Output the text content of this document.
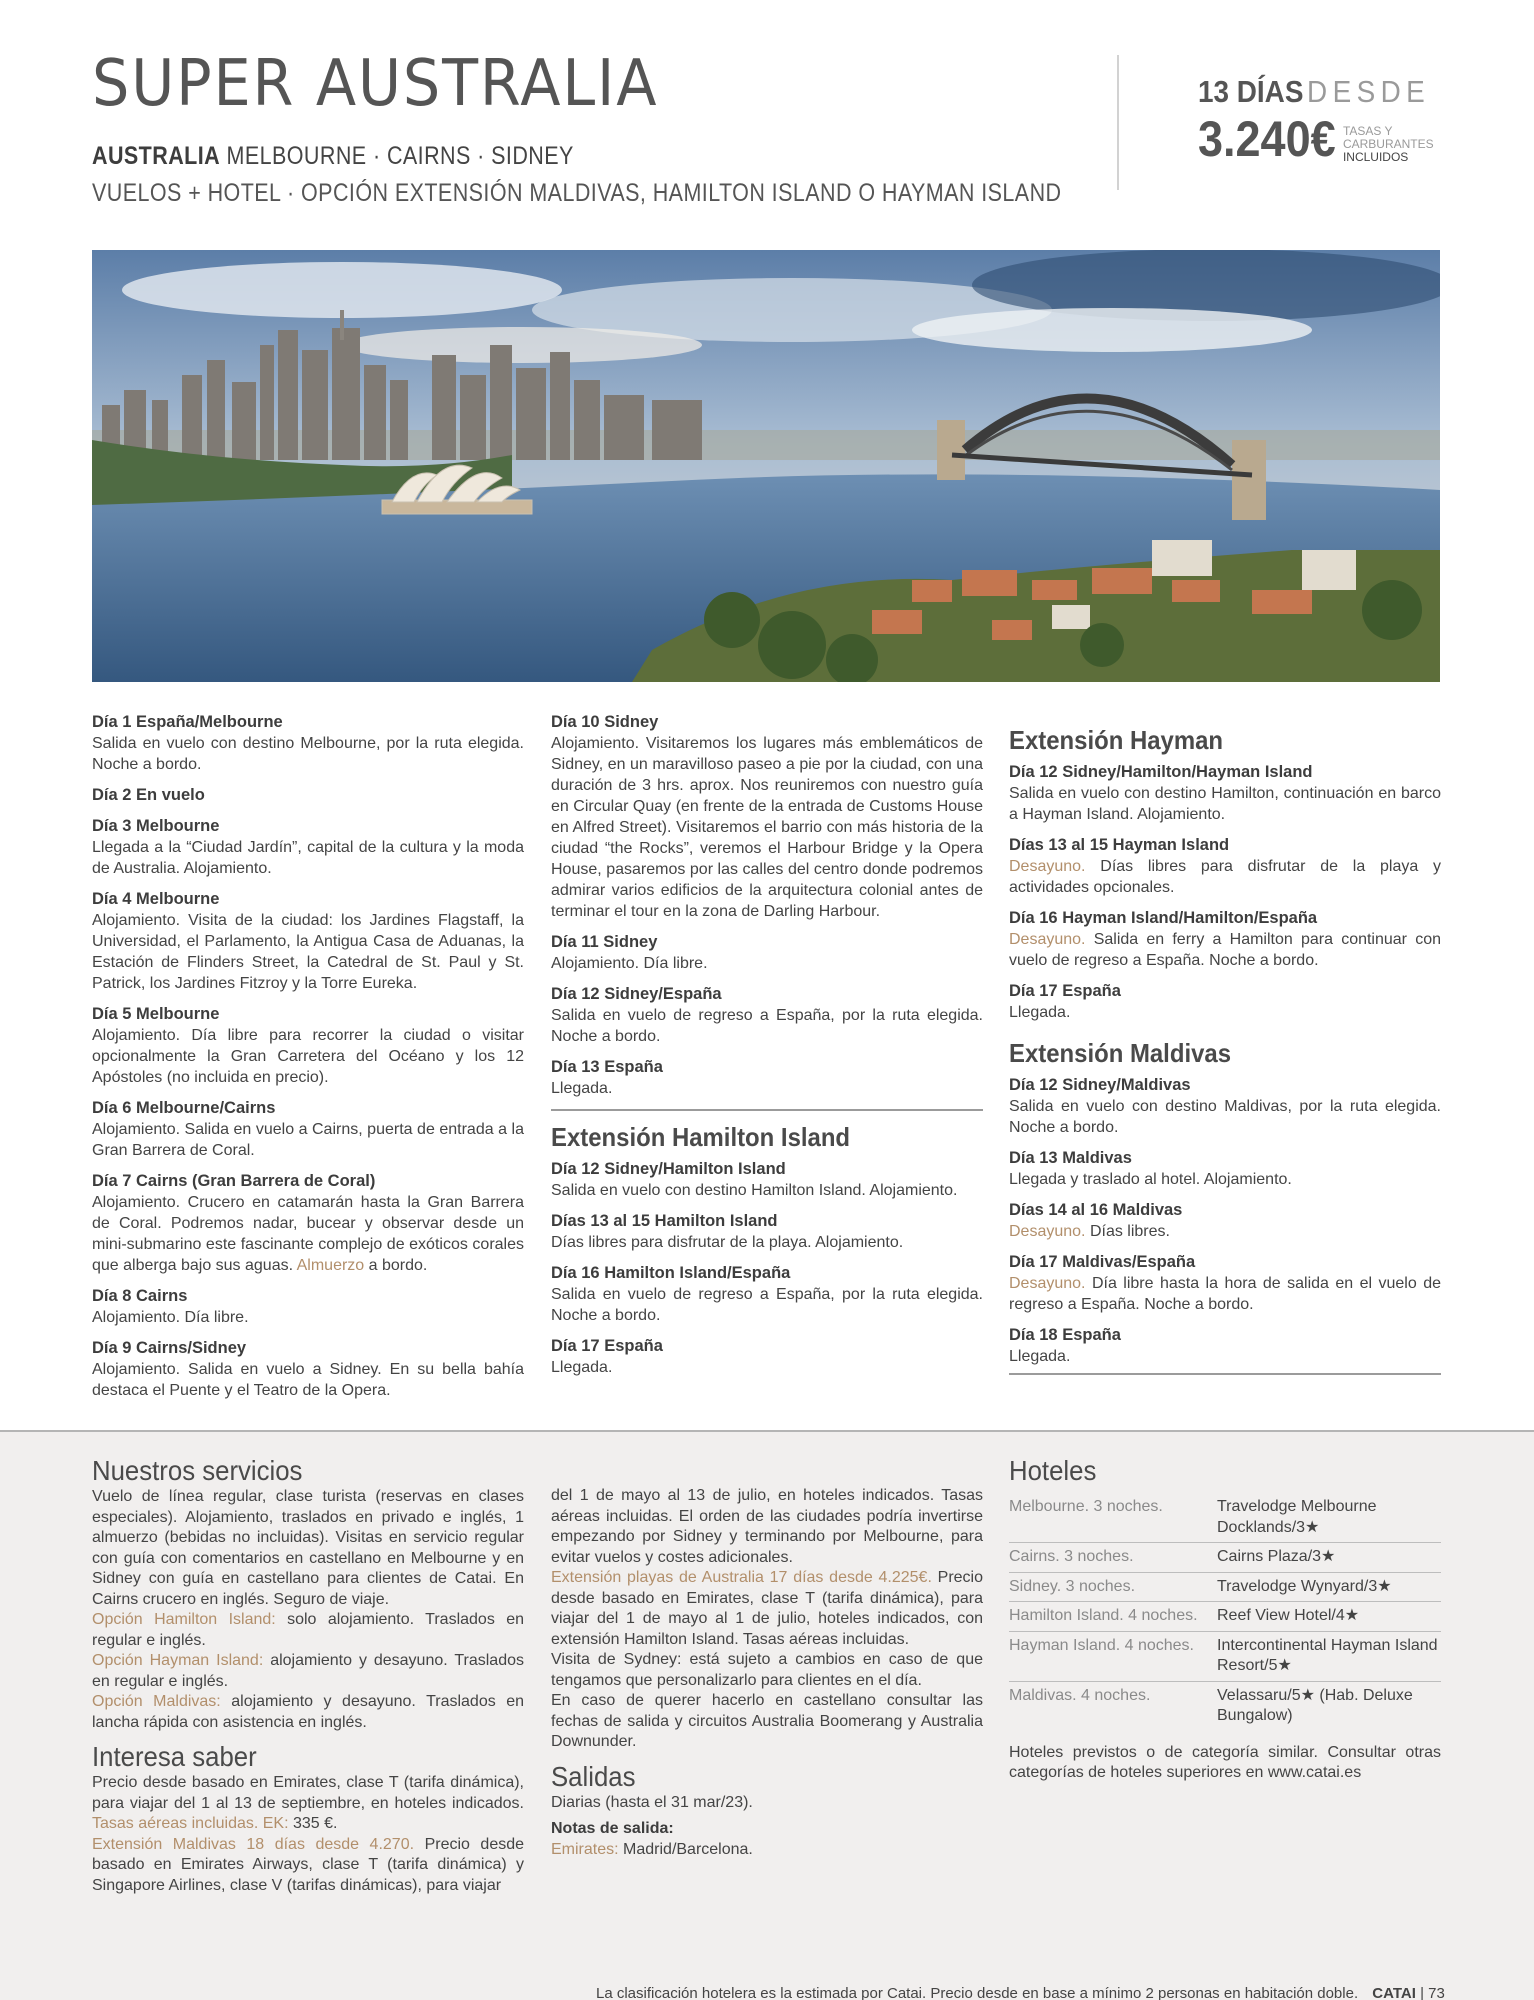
SUPER AUSTRALIA
AUSTRALIA MELBOURNE · CAIRNS · SIDNEY
VUELOS + HOTEL · OPCIÓN EXTENSIÓN MALDIVAS, HAMILTON ISLAND O HAYMAN ISLAND
13 DÍAS DESDE
3.240€ TASAS Y
CARBURANTES
INCLUIDOS
Día 1 España/Melbourne

Salida en vuelo con destino Melbourne, por la ruta elegida. Noche a bordo.

Día 2 En vuelo
Día 3 Melbourne

Llegada a la “Ciudad Jardín”, capital de la cultura y la moda de Australia. Alojamiento.

Día 4 Melbourne

Alojamiento. Visita de la ciudad: los Jardines Flagstaff, la Universidad, el Parlamento, la Antigua Casa de Aduanas, la Estación de Flinders Street, la Catedral de St. Paul y St. Patrick, los Jardines Fitzroy y la Torre Eureka.

Día 5 Melbourne

Alojamiento. Día libre para recorrer la ciudad o visitar opcionalmente la Gran Carretera del Océano y los 12 Apóstoles (no incluida en precio).

Día 6 Melbourne/Cairns

Alojamiento. Salida en vuelo a Cairns, puerta de entrada a la Gran Barrera de Coral.

Día 7 Cairns (Gran Barrera de Coral)

Alojamiento. Crucero en catamarán hasta la Gran Barrera de Coral. Podremos nadar, bucear y observar desde un mini-submarino este fascinante complejo de exóticos corales que alberga bajo sus aguas. Almuerzo a bordo.

Día 8 Cairns

Alojamiento. Día libre.

Día 9 Cairns/Sidney

Alojamiento. Salida en vuelo a Sidney. En su bella bahía destaca el Puente y el Teatro de la Opera.

Día 10 Sidney

Alojamiento. Visitaremos los lugares más emblemáticos de Sidney, en un maravilloso paseo a pie por la ciudad, con una duración de 3 hrs. aprox. Nos reuniremos con nuestro guía en Circular Quay (en frente de la entrada de Customs House en Alfred Street). Visitaremos el barrio con más historia de la ciudad “the Rocks”, veremos el Harbour Bridge y la Opera House, pasaremos por las calles del centro donde podremos admirar varios edificios de la arquitectura colonial antes de terminar el tour en la zona de Darling Harbour.

Día 11 Sidney

Alojamiento. Día libre.

Día 12 Sidney/España

Salida en vuelo de regreso a España, por la ruta elegida. Noche a bordo.

Día 13 España

Llegada.

Extensión Hamilton Island
Día 12 Sidney/Hamilton Island

Salida en vuelo con destino Hamilton Island. Alojamiento.

Días 13 al 15 Hamilton Island

Días libres para disfrutar de la playa. Alojamiento.

Día 16 Hamilton Island/España

Salida en vuelo de regreso a España, por la ruta elegida. Noche a bordo.

Día 17 España

Llegada.

Extensión Hayman
Día 12 Sidney/Hamilton/Hayman Island

Salida en vuelo con destino Hamilton, continuación en barco a Hayman Island. Alojamiento.

Días 13 al 15 Hayman Island

Desayuno. Días libres para disfrutar de la playa y actividades opcionales.

Día 16 Hayman Island/Hamilton/España

Desayuno. Salida en ferry a Hamilton para continuar con vuelo de regreso a España. Noche a bordo.

Día 17 España

Llegada.

Extensión Maldivas
Día 12 Sidney/Maldivas

Salida en vuelo con destino Maldivas, por la ruta elegida. Noche a bordo.

Día 13 Maldivas

Llegada y traslado al hotel. Alojamiento.

Días 14 al 16 Maldivas

Desayuno. Días libres.

Día 17 Maldivas/España

Desayuno. Día libre hasta la hora de salida en el vuelo de regreso a España. Noche a bordo.

Día 18 España

Llegada.

Nuestros servicios

Vuelo de línea regular, clase turista (reservas en clases especiales). Alojamiento, traslados en privado e inglés, 1 almuerzo (bebidas no incluidas). Visitas en servicio regular con guía con comentarios en castellano en Melbourne y en Sidney con guía en castellano para clientes de Catai. En Cairns crucero en inglés. Seguro de viaje.

Opción Hamilton Island: solo alojamiento. Traslados en regular e inglés.

Opción Hayman Island: alojamiento y desayuno. Traslados en regular e inglés.

Opción Maldivas: alojamiento y desayuno. Traslados en lancha rápida con asistencia en inglés.

Interesa saber

Precio desde basado en Emirates, clase T (tarifa dinámica), para viajar del 1 al 13 de septiembre, en hoteles indicados. Tasas aéreas incluidas. EK: 335 €.

Extensión Maldivas 18 días desde 4.270. Precio desde basado en Emirates Airways, clase T (tarifa dinámica) y Singapore Airlines, clase V (tarifas dinámicas), para viajar

del 1 de mayo al 13 de julio, en hoteles indicados. Tasas aéreas incluidas. El orden de las ciudades podría invertirse empezando por Sidney y terminando por Melbourne, para evitar vuelos y costes adicionales.

Extensión playas de Australia 17 días desde 4.225€. Precio desde basado en Emirates, clase T (tarifa dinámica), para viajar del 1 de mayo al 1 de julio, hoteles indicados, con extensión Hamilton Island. Tasas aéreas incluidas.

Visita de Sydney: está sujeto a cambios en caso de que tengamos que personalizarlo para clientes en el día.

En caso de querer hacerlo en castellano consultar las fechas de salida y circuitos Australia Boomerang y Australia Downunder.

Salidas

Diarias (hasta el 31 mar/23).

Notas de salida:

Emirates: Madrid/Barcelona.

Hoteles
Melbourne. 3 noches.	Travelodge Melbourne Docklands/3★
Cairns. 3 noches.	Cairns Plaza/3★
Sidney. 3 noches.	Travelodge Wynyard/3★
Hamilton Island. 4 noches.	Reef View Hotel/4★
Hayman Island. 4 noches.	Intercontinental Hayman Island Resort/5★
Maldivas. 4 noches.	Velassaru/5★ (Hab. Deluxe Bungalow)

Hoteles previstos o de categoría similar. Consultar otras categorías de hoteles superiores en www.catai.es

La clasificación hotelera es la estimada por Catai. Precio desde en base a mínimo 2 personas en habitación doble. CATAI | 73
